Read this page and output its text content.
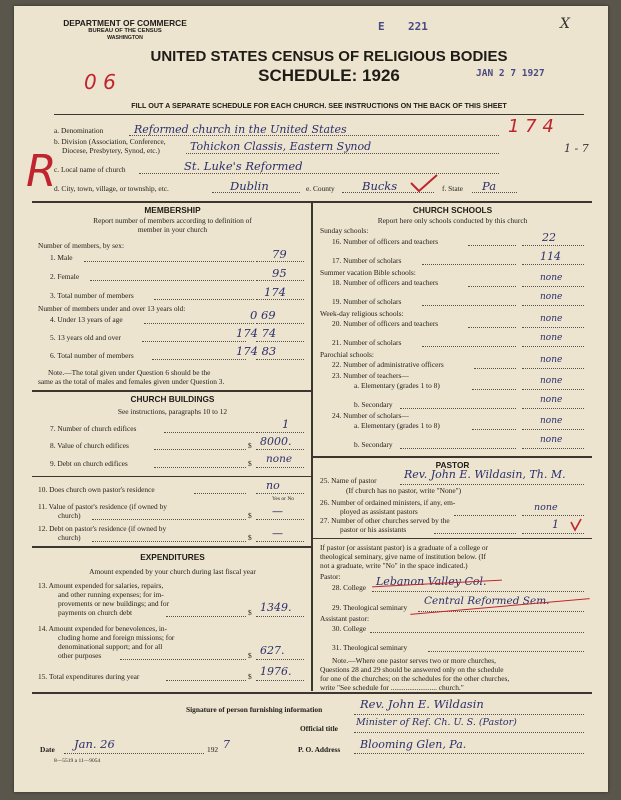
DEPARTMENT OF COMMERCE
BUREAU OF THE CENSUS
WASHINGTON
E 221	X
UNITED STATES CENSUS OF RELIGIOUS BODIES
SCHEDULE: 1926	JAN 2 7 1927
0 6
FILL OUT A SEPARATE SCHEDULE FOR EACH CHURCH. SEE INSTRUCTIONS ON THE BACK OF THIS SHEET
a. Denomination	Reformed church in the United States	1 7 4
b. Division (Association, Conference,
Diocese, Presbytery, Synod, etc.)	Tohickon Classis, Eastern Synod	1 - 7
c. Local name of church	St. Luke's Reformed
d. City, town, village, or township, etc.	Dublin	e. County Bucks	f. State Pa
R
MEMBERSHIP
Report number of members according to definition of
member in your church
Number of members, by sex:
1. Male	79
2. Female	95
3. Total number of members	174
Number of members under and over 13 years old:
4. Under 13 years of age	0 69
5. 13 years old and over	174 74
6. Total number of members	174 83
Note.—The total given under Question 6 should be the
same as the total of males and females given under Question 3.
CHURCH BUILDINGS
See instructions, paragraphs 10 to 12
7. Number of church edifices	1
8. Value of church edifices	$ 8000.
9. Debt on church edifices	$ none
10. Does church own pastor's residence	no
Yes or No
11. Value of pastor's residence (if owned by
church)	$ —
12. Debt on pastor's residence (if owned by
church)	$ —
EXPENDITURES
Amount expended by your church during last fiscal year
13. Amount expended for salaries, repairs,
and other running expenses; for im-
provements or new buildings; and for
payments on church debt	$ 1349.
14. Amount expended for benevolences, in-
cluding home and foreign missions; for
denominational support; and for all
other purposes	$ 627.
15. Total expenditures during year	$ 1976.
CHURCH SCHOOLS
Report here only schools conducted by this church
Sunday schools:
16. Number of officers and teachers	22
17. Number of scholars	114
Summer vacation Bible schools:
18. Number of officers and teachers	none
19. Number of scholars	none
Week-day religious schools:
20. Number of officers and teachers	none
21. Number of scholars	none
Parochial schools:
22. Number of administrative officers	none
23. Number of teachers—
a. Elementary (grades 1 to 8)	none
b. Secondary	none
24. Number of scholars—
a. Elementary (grades 1 to 8)	none
b. Secondary	none
PASTOR
25. Name of pastor Rev. John E. Wildasin, Th. M.
(If church has no pastor, write "None")
26. Number of ordained ministers, if any, em-
ployed as assistant pastors	none
27. Number of other churches served by the
pastor or his assistants	1
If pastor (or assistant pastor) is a graduate of a college or
theological seminary, give name of institution below. (If
not a graduate, write "No" in the space indicated.)
Pastor:
28. College Lebanon Valley Col.
29. Theological seminary
Central Reformed Sem.
Assistant pastor:
30. College
31. Theological seminary
Note.—Where one pastor serves two or more churches,
Questions 28 and 29 should be answered only on the schedule
for one of the churches; on the schedules for the other churches,
write "See schedule for ......................... church."
Signature of person furnishing information	Rev. John E. Wildasin
Official title
Minister of Ref. Ch. U. S. (Pastor)
Date Jan. 26	192 7	P. O. Address Blooming Glen, Pa.
8—5519 a 11—9054
